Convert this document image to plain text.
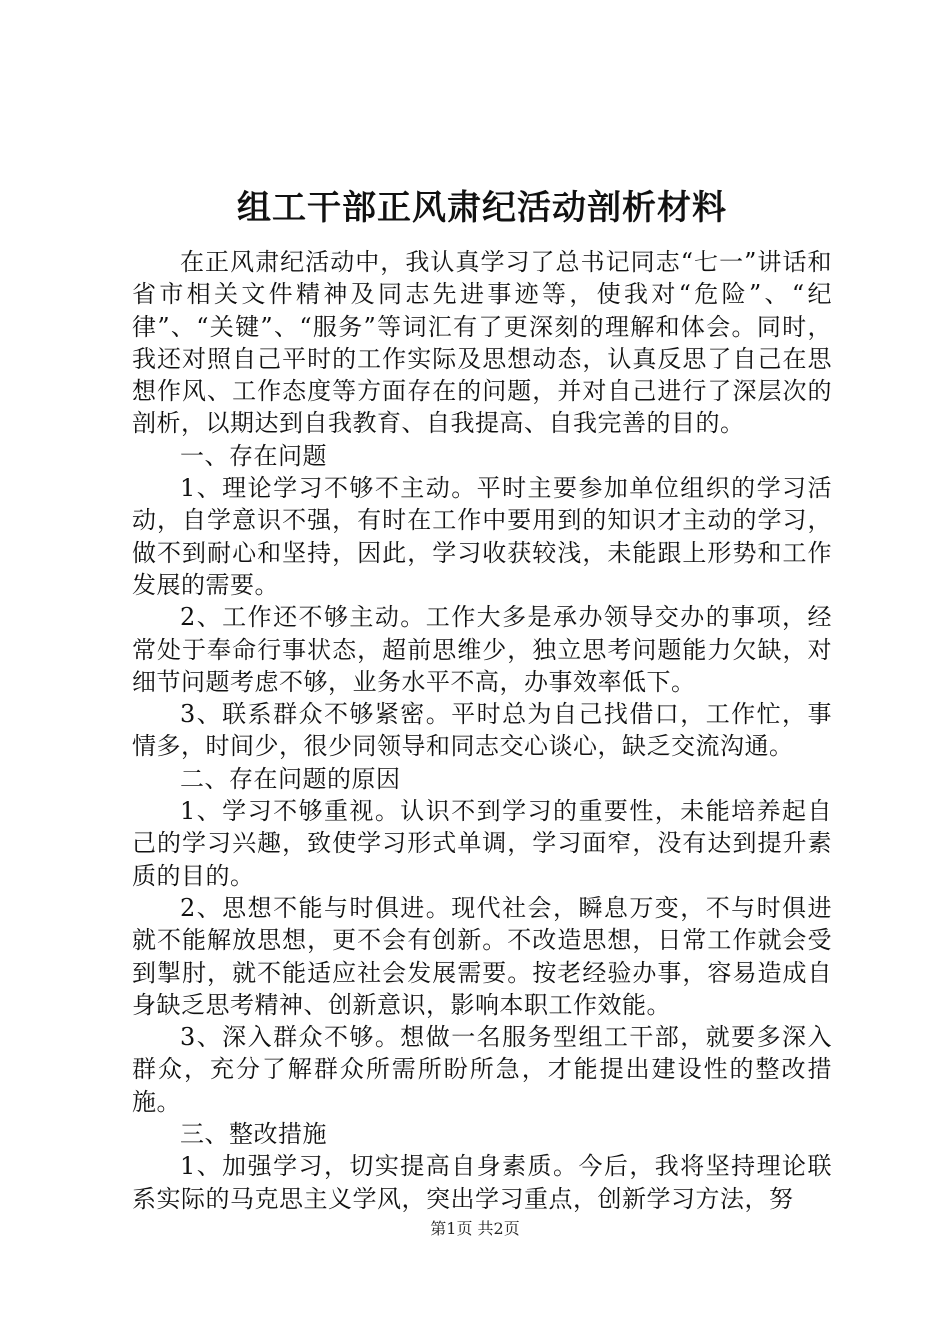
组工干部正风肃纪活动剖析材料

在正风肃纪活动中，我认真学习了总书记同志“七一”讲话和省市相关文件精神及同志先进事迹等，使我对“危险”、“纪律”、“关键”、“服务”等词汇有了更深刻的理解和体会。同时，我还对照自己平时的工作实际及思想动态，认真反思了自己在思想作风、工作态度等方面存在的问题，并对自己进行了深层次的剖析，以期达到自我教育、自我提高、自我完善的目的。

一、存在问题

1、理论学习不够不主动。平时主要参加单位组织的学习活动，自学意识不强，有时在工作中要用到的知识才主动的学习，做不到耐心和坚持，因此，学习收获较浅，未能跟上形势和工作发展的需要。

2、工作还不够主动。工作大多是承办领导交办的事项，经常处于奉命行事状态，超前思维少，独立思考问题能力欠缺，对细节问题考虑不够，业务水平不高，办事效率低下。

3、联系群众不够紧密。平时总为自己找借口，工作忙，事情多，时间少，很少同领导和同志交心谈心，缺乏交流沟通。

二、存在问题的原因

1、学习不够重视。认识不到学习的重要性，未能培养起自己的学习兴趣，致使学习形式单调，学习面窄，没有达到提升素质的目的。

2、思想不能与时俱进。现代社会，瞬息万变，不与时俱进就不能解放思想，更不会有创新。不改造思想，日常工作就会受到掣肘，就不能适应社会发展需要。按老经验办事，容易造成自身缺乏思考精神、创新意识，影响本职工作效能。

3、深入群众不够。想做一名服务型组工干部，就要多深入群众，充分了解群众所需所盼所急，才能提出建设性的整改措施。

三、整改措施

1、加强学习，切实提高自身素质。今后，我将坚持理论联系实际的马克思主义学风，突出学习重点，创新学习方法，努

第1页 共2页
